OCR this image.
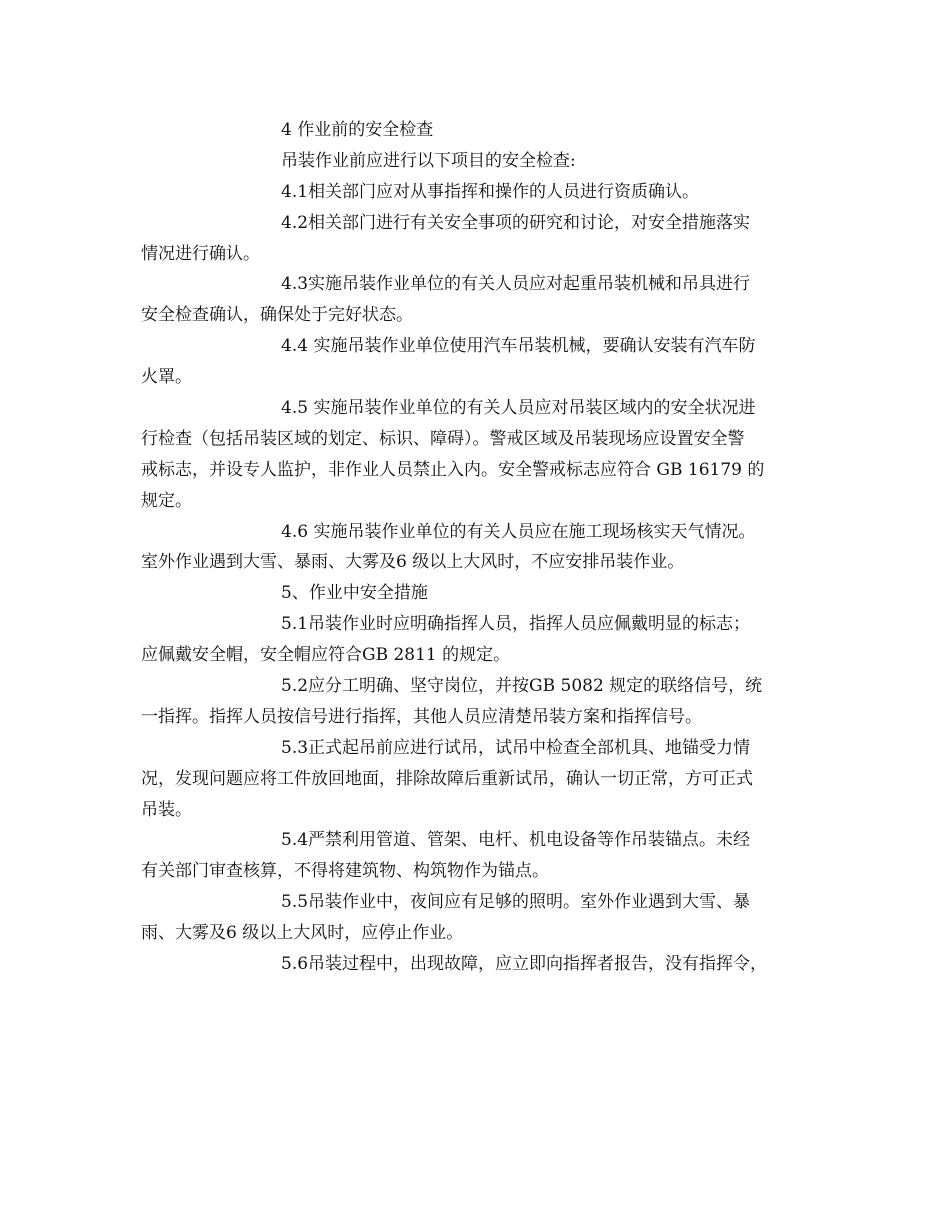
4 作业前的安全检查
吊装作业前应进行以下项目的安全检查:
4.1相关部门应对从事指挥和操作的人员进行资质确认。
4.2相关部门进行有关安全事项的研究和讨论，对安全措施落实
情况进行确认。
4.3实施吊装作业单位的有关人员应对起重吊装机械和吊具进行
安全检查确认，确保处于完好状态。
4.4 实施吊装作业单位使用汽车吊装机械，要确认安装有汽车防
火罩。
4.5 实施吊装作业单位的有关人员应对吊装区域内的安全状况进
行检查（包括吊装区域的划定、标识、障碍）。警戒区域及吊装现场应设置安全警
戒标志，并设专人监护，非作业人员禁止入内。安全警戒标志应符合 GB 16179 的
规定。
4.6 实施吊装作业单位的有关人员应在施工现场核实天气情况。
室外作业遇到大雪、暴雨、大雾及6 级以上大风时，不应安排吊装作业。
5、作业中安全措施
5.1吊装作业时应明确指挥人员，指挥人员应佩戴明显的标志；
应佩戴安全帽，安全帽应符合GB 2811 的规定。
5.2应分工明确、坚守岗位，并按GB 5082 规定的联络信号，统
一指挥。指挥人员按信号进行指挥，其他人员应清楚吊装方案和指挥信号。
5.3正式起吊前应进行试吊，试吊中检查全部机具、地锚受力情
况，发现问题应将工件放回地面，排除故障后重新试吊，确认一切正常，方可正式
吊装。
5.4严禁利用管道、管架、电杆、机电设备等作吊装锚点。未经
有关部门审查核算，不得将建筑物、构筑物作为锚点。
5.5吊装作业中，夜间应有足够的照明。室外作业遇到大雪、暴
雨、大雾及6 级以上大风时，应停止作业。
5.6吊装过程中，出现故障，应立即向指挥者报告，没有指挥令，
